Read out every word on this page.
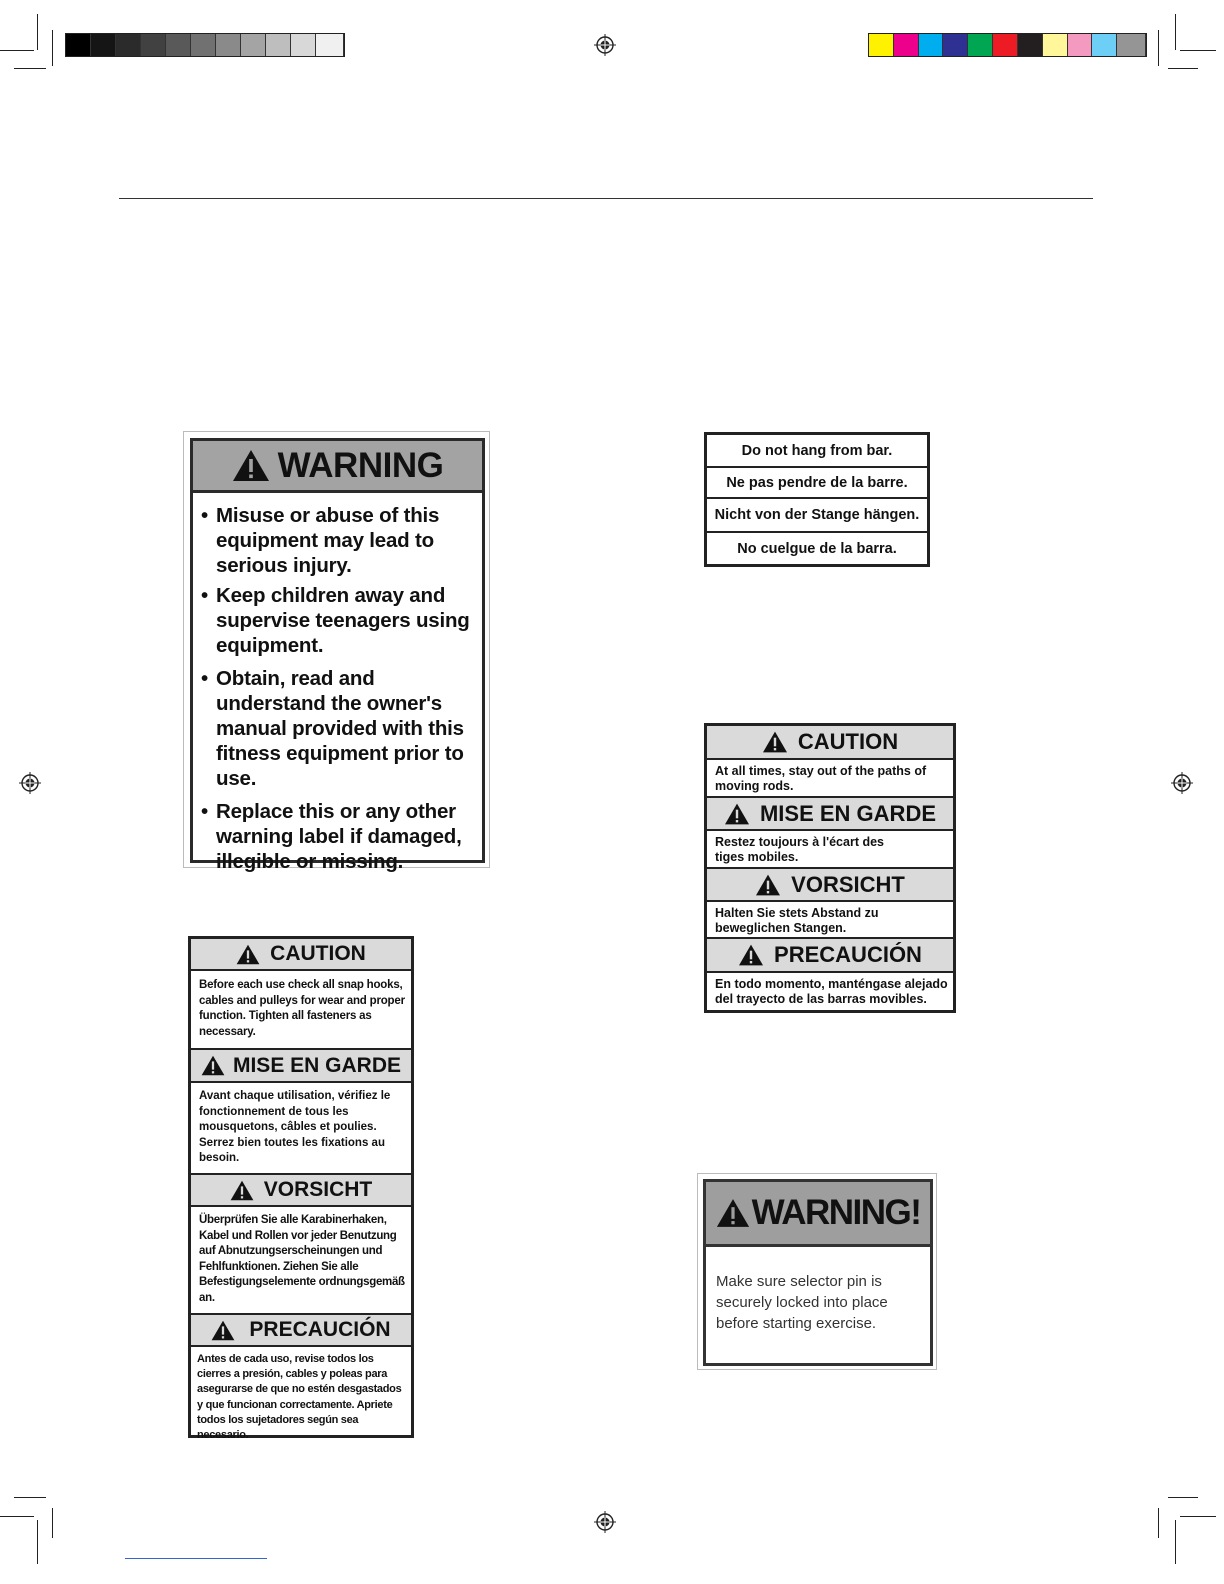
WARNING
• Misuse or abuse of this equipment may lead to serious injury.
• Keep children away and supervise teenagers using equipment.
• Obtain, read and understand the owner's manual provided with this fitness equipment prior to use.
• Replace this or any other warning label if damaged, illegible or missing.
Do not hang from bar.
Ne pas pendre de la barre.
Nicht von der Stange hängen.
No cuelgue de la barra.
CAUTION
At all times, stay out of the paths of moving rods.
MISE EN GARDE
Restez toujours à l'écart des tiges mobiles.
VORSICHT
Halten Sie stets Abstand zu beweglichen Stangen.
PRECAUCIÓN
En todo momento, manténgase alejado del trayecto de las barras movibles.
CAUTION
Before each use check all snap hooks, cables and pulleys for wear and proper function. Tighten all fasteners as necessary.
MISE EN GARDE
Avant chaque utilisation, vérifiez le fonctionnement de tous les mousquetons, câbles et poulies. Serrez bien toutes les fixations au besoin.
VORSICHT
Überprüfen Sie alle Karabinerhaken, Kabel und Rollen vor jeder Benutzung auf Abnutzungserscheinungen und Fehlfunktionen. Ziehen Sie alle Befestigungselemente ordnungsgemäß an.
PRECAUCIÓN
Antes de cada uso, revise todos los cierres a presión, cables y poleas para asegurarse de que no estén desgastados y que funcionan correctamente. Apriete todos los sujetadores según sea necesario.
WARNING!
Make sure selector pin is securely locked into place before starting exercise.
